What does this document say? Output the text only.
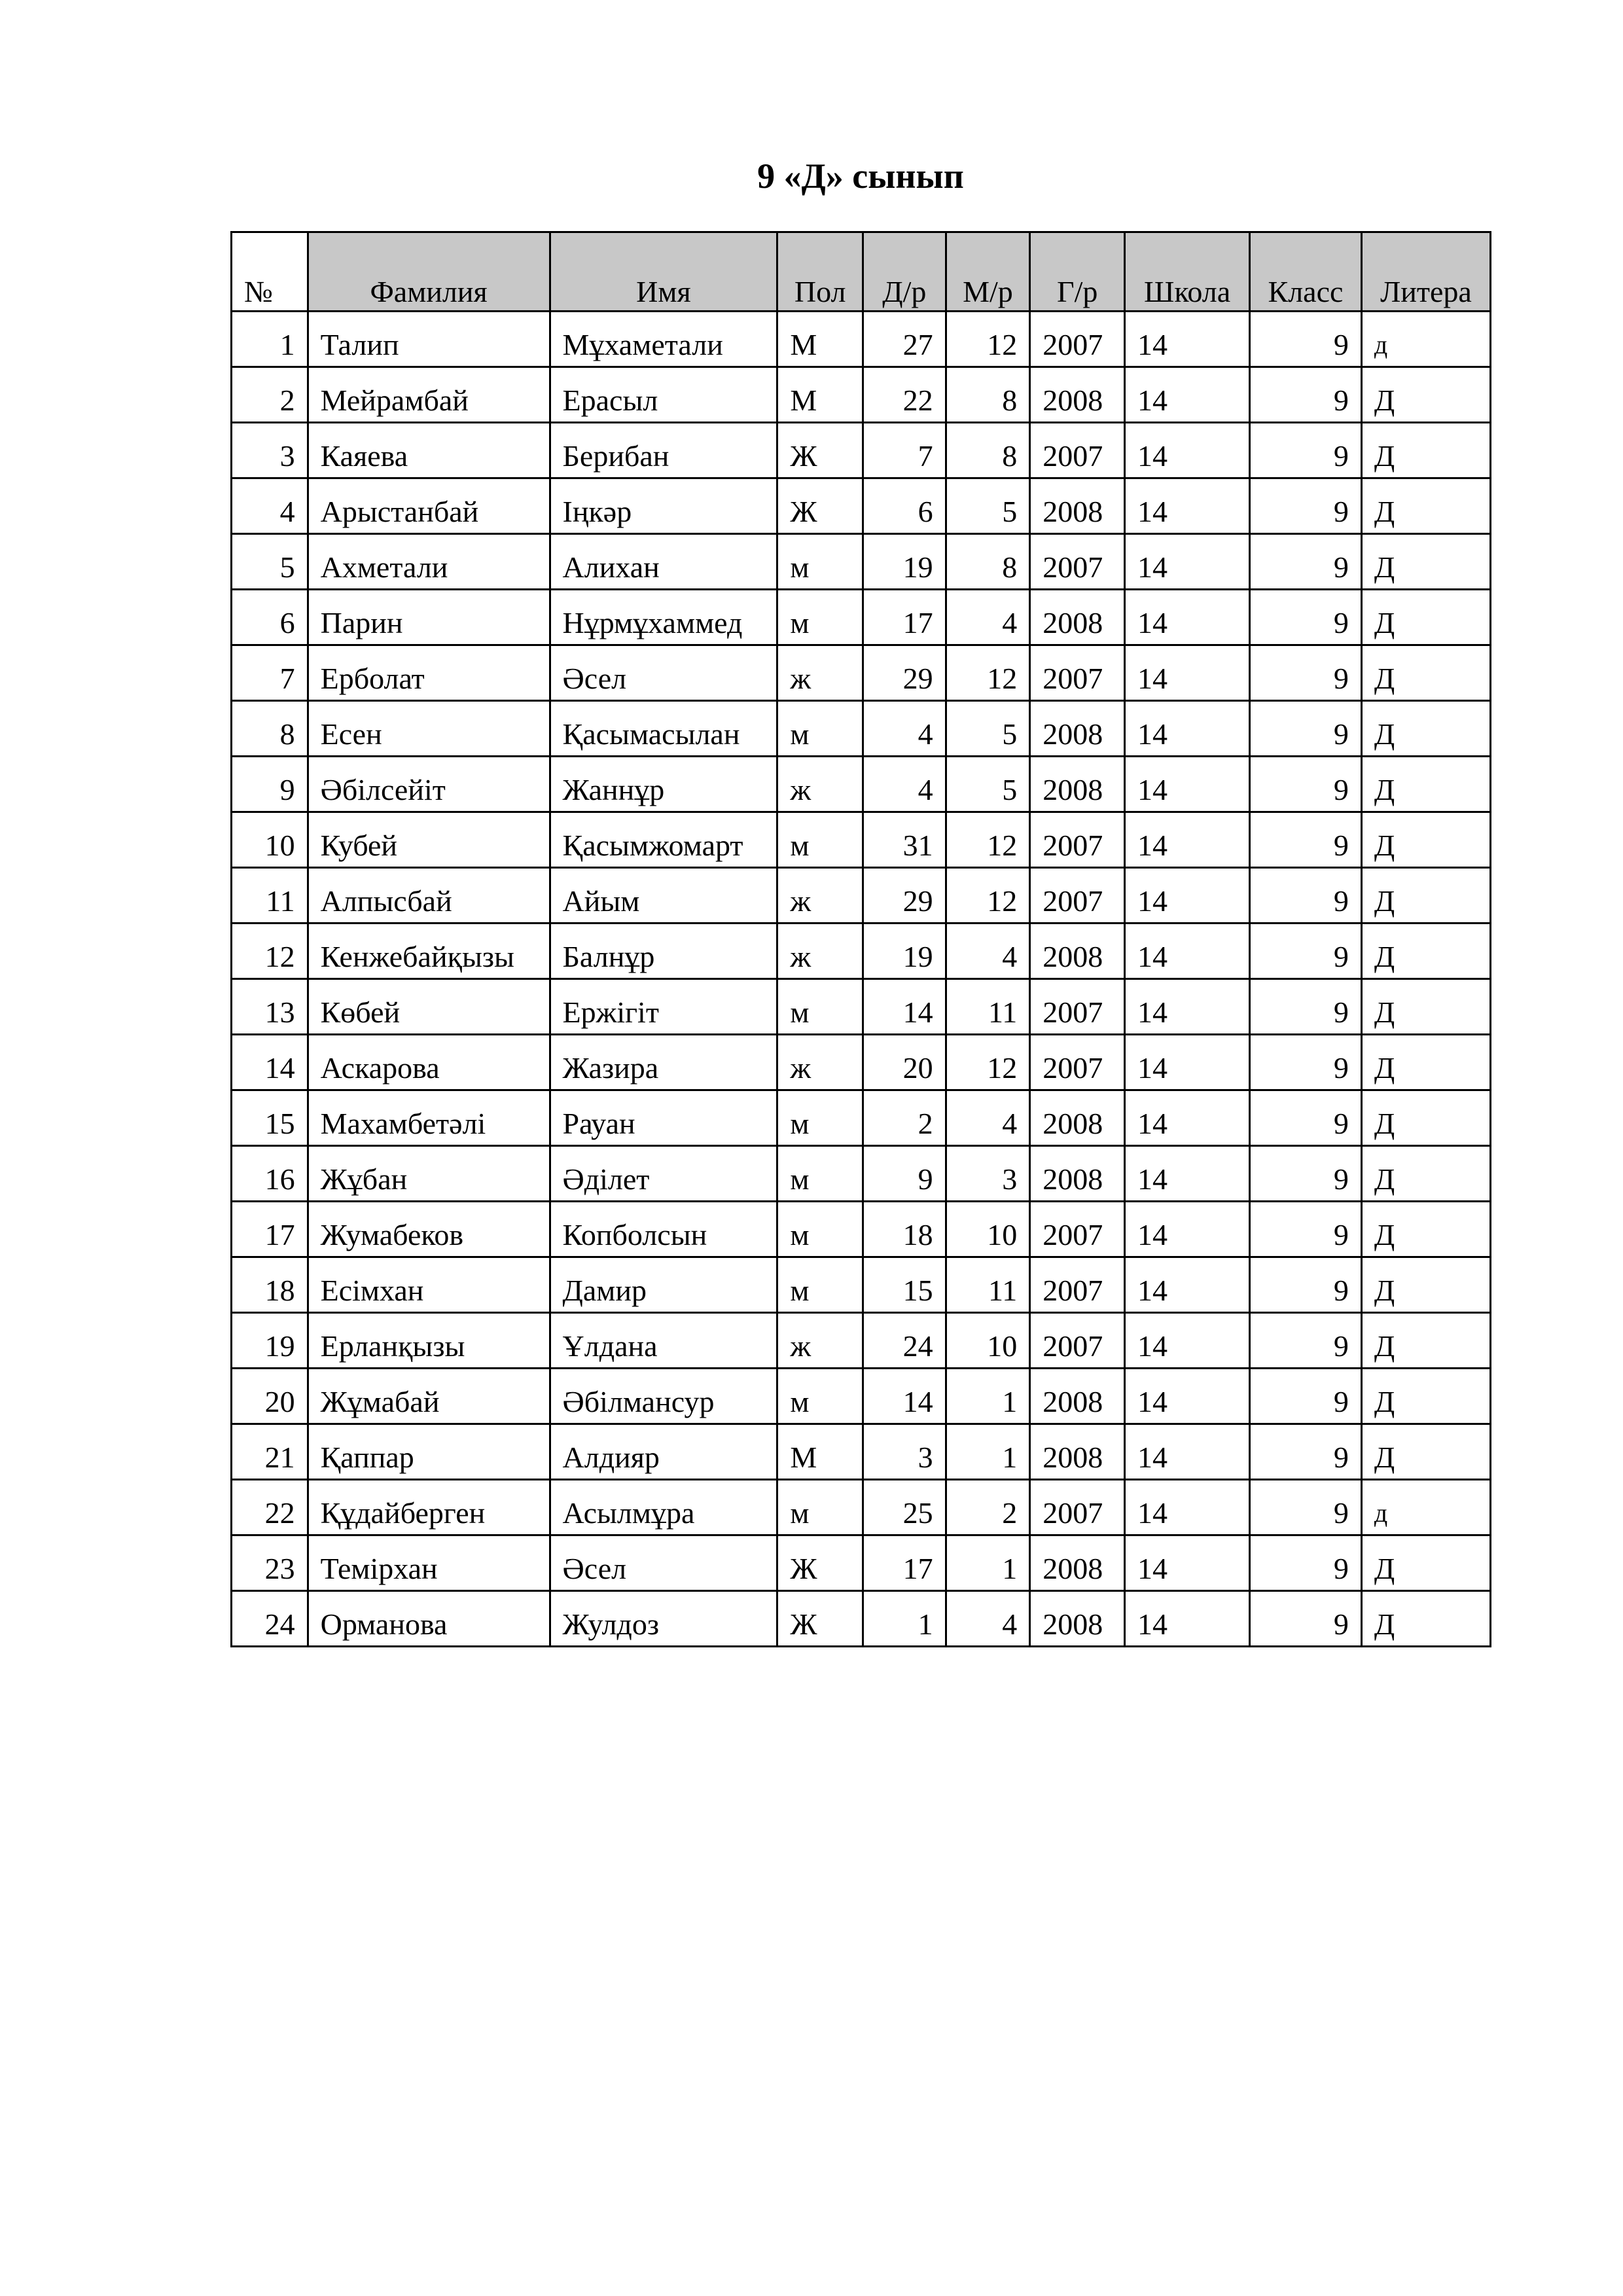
9 «Д» сынып
№	Фамилия	Имя	Пол	Д/р	М/р	Г/р	Школа	Класс	Литера
1	Талип	Мұхаметали	М	27	12	2007	14	9	д
2	Мейрамбай	Ерасыл	М	22	8	2008	14	9	Д
3	Каяева	Берибан	Ж	7	8	2007	14	9	Д
4	Арыстанбай	Іңкәр	Ж	6	5	2008	14	9	Д
5	Ахметали	Алихан	м	19	8	2007	14	9	Д
6	Парин	Нұрмұхаммед	м	17	4	2008	14	9	Д
7	Ерболат	Әсел	ж	29	12	2007	14	9	Д
8	Есен	Қасымасылан	м	4	5	2008	14	9	Д
9	Әбілсейіт	Жаннұр	ж	4	5	2008	14	9	Д
10	Кубей	Қасымжомарт	м	31	12	2007	14	9	Д
11	Алпысбай	Айым	ж	29	12	2007	14	9	Д
12	Кенжебайқызы	Балнұр	ж	19	4	2008	14	9	Д
13	Көбей	Ержігіт	м	14	11	2007	14	9	Д
14	Аскарова	Жазира	ж	20	12	2007	14	9	Д
15	Махамбетәлі	Рауан	м	2	4	2008	14	9	Д
16	Жұбан	Әділет	м	9	3	2008	14	9	Д
17	Жумабеков	Копболсын	м	18	10	2007	14	9	Д
18	Есімхан	Дамир	м	15	11	2007	14	9	Д
19	Ерланқызы	Ұлдана	ж	24	10	2007	14	9	Д
20	Жұмабай	Әбілмансур	м	14	1	2008	14	9	Д
21	Қаппар	Алдияр	М	3	1	2008	14	9	Д
22	Құдайберген	Асылмұра	м	25	2	2007	14	9	д
23	Темірхан	Әсел	Ж	17	1	2008	14	9	Д
24	Орманова	Жулдоз	Ж	1	4	2008	14	9	Д
